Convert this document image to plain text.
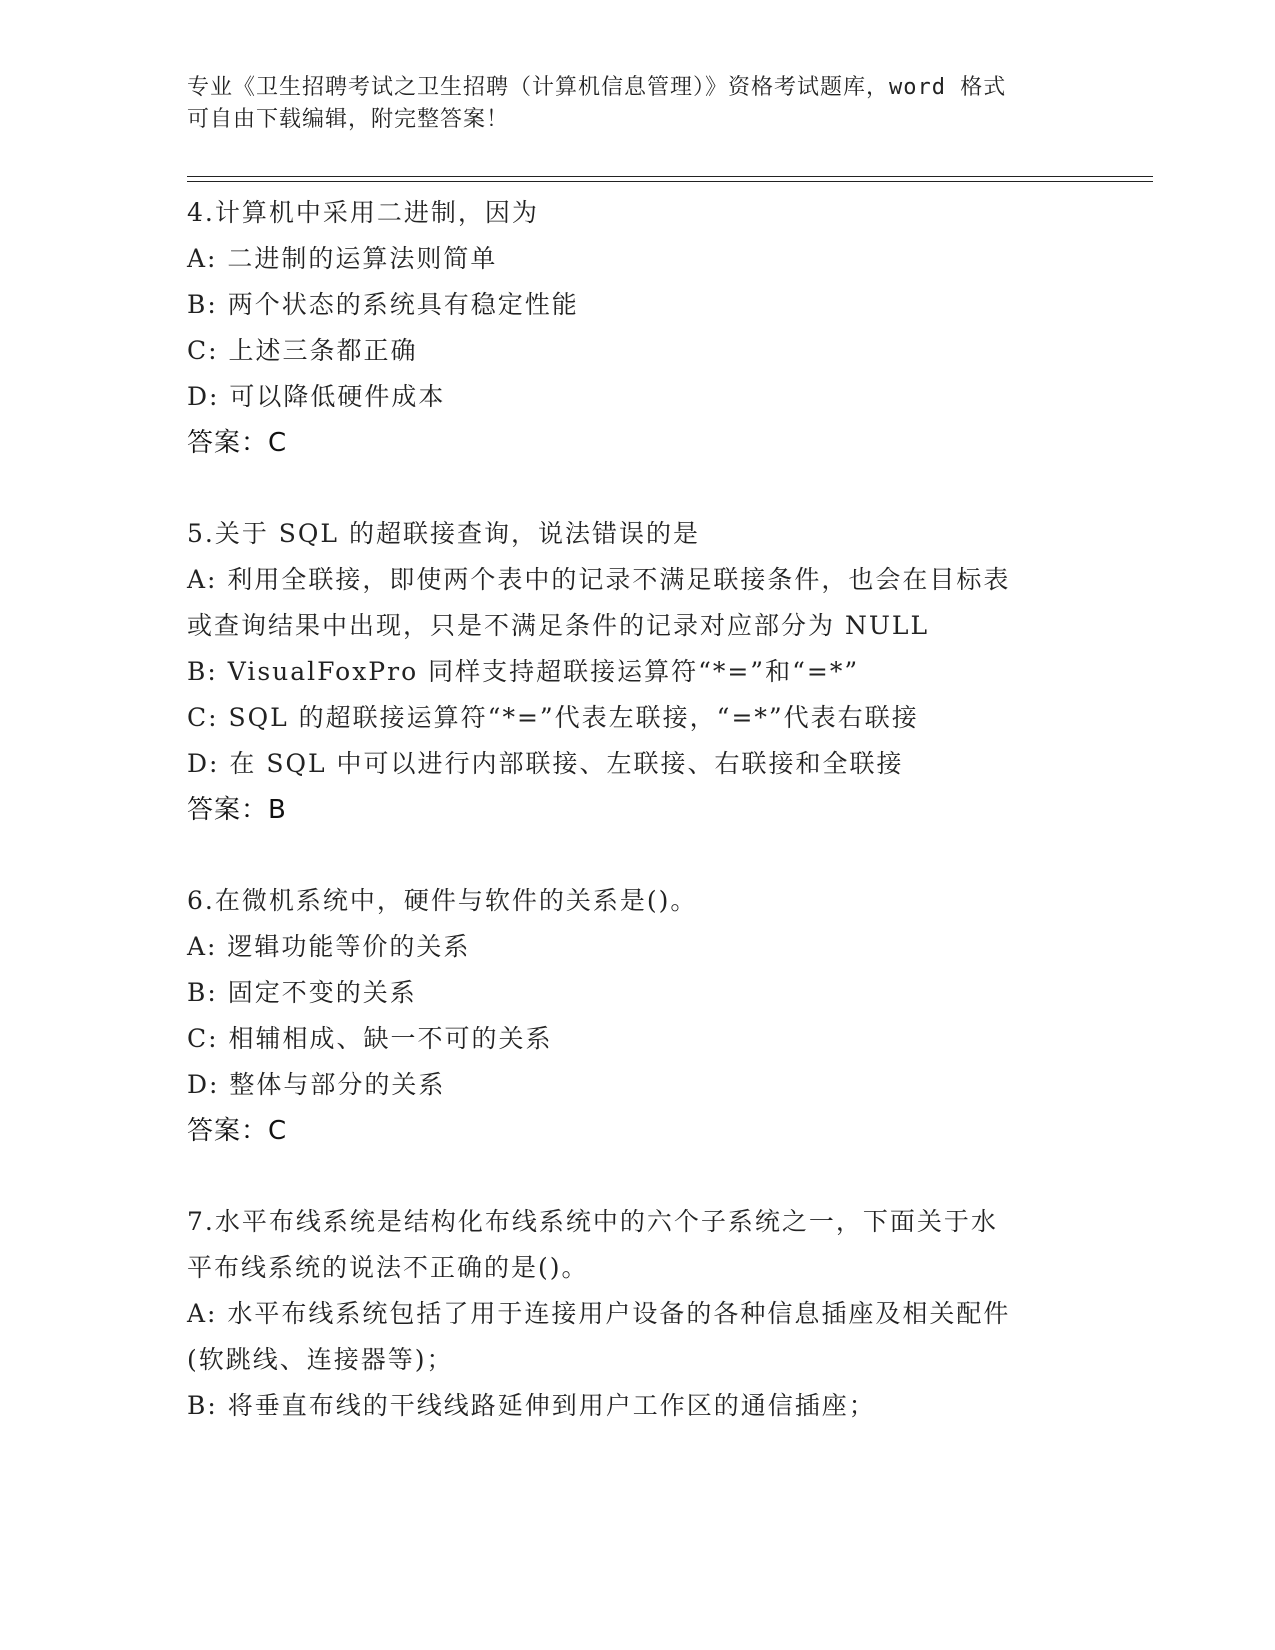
专业《卫生招聘考试之卫生招聘（计算机信息管理）》资格考试题库，word 格式
可自由下载编辑，附完整答案！
4.计算机中采用二进制，因为
A: 二进制的运算法则简单
B: 两个状态的系统具有稳定性能
C: 上述三条都正确
D: 可以降低硬件成本
答案：C
5.关于 SQL 的超联接查询，说法错误的是
A: 利用全联接，即使两个表中的记录不满足联接条件，也会在目标表
或查询结果中出现，只是不满足条件的记录对应部分为 NULL
B: VisualFoxPro 同样支持超联接运算符“*=”和“=*”
C: SQL 的超联接运算符“*=”代表左联接，“=*”代表右联接
D: 在 SQL 中可以进行内部联接、左联接、右联接和全联接
答案：B
6.在微机系统中，硬件与软件的关系是()。
A: 逻辑功能等价的关系
B: 固定不变的关系
C: 相辅相成、缺一不可的关系
D: 整体与部分的关系
答案：C
7.水平布线系统是结构化布线系统中的六个子系统之一，下面关于水
平布线系统的说法不正确的是()。
A: 水平布线系统包括了用于连接用户设备的各种信息插座及相关配件
(软跳线、连接器等)；
B: 将垂直布线的干线线路延伸到用户工作区的通信插座；
